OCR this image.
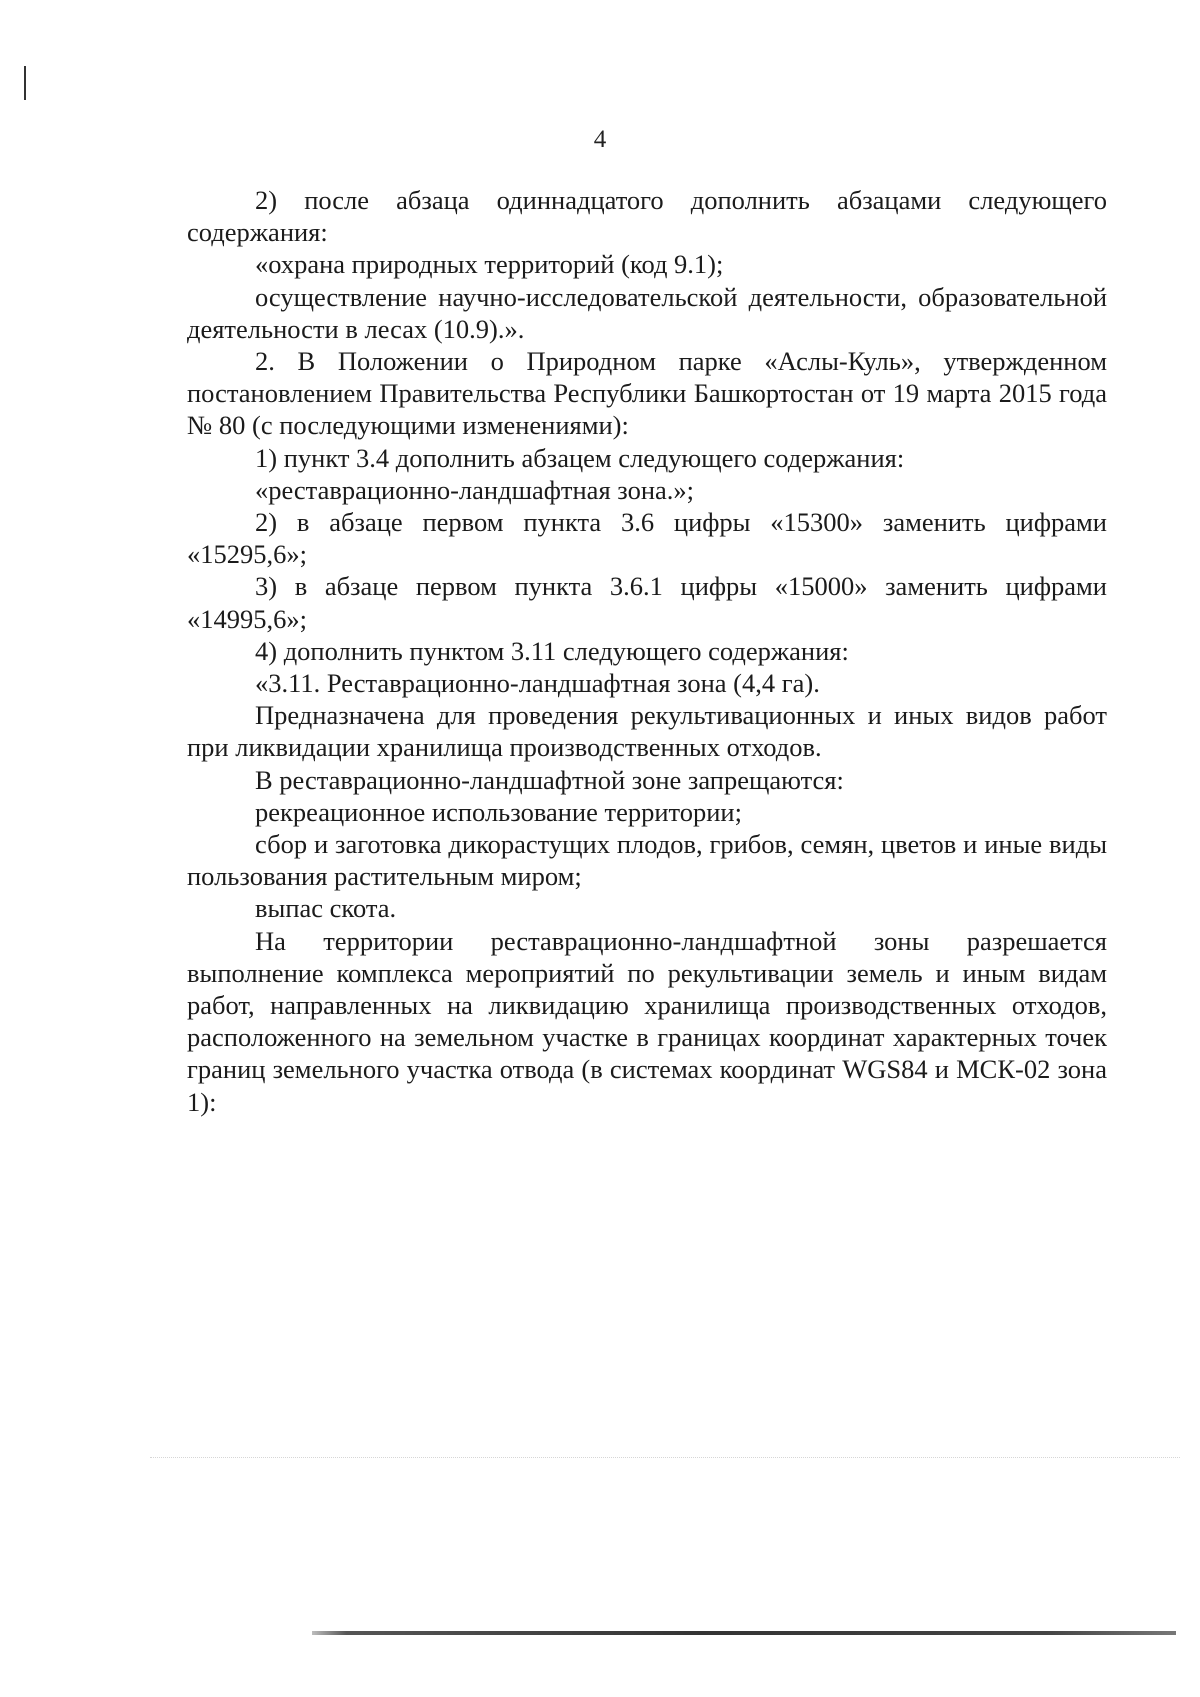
4

2) после абзаца одиннадцатого дополнить абзацами следующего содержания:

«охрана природных территорий (код 9.1);

осуществление научно-исследовательской деятельности, образовательной деятельности в лесах (10.9).».

2. В Положении о Природном парке «Аслы-Куль», утвержденном постановлением Правительства Республики Башкортостан от 19 марта 2015 года № 80 (с последующими изменениями):

1) пункт 3.4 дополнить абзацем следующего содержания:

«реставрационно-ландшафтная зона.»;

2) в абзаце первом пункта 3.6 цифры «15300» заменить цифрами «15295,6»;

3) в абзаце первом пункта 3.6.1 цифры «15000» заменить цифрами «14995,6»;

4) дополнить пунктом 3.11 следующего содержания:

«3.11. Реставрационно-ландшафтная зона (4,4 га).

Предназначена для проведения рекультивационных и иных видов работ при ликвидации хранилища производственных отходов.

В реставрационно-ландшафтной зоне запрещаются:

рекреационное использование территории;

сбор и заготовка дикорастущих плодов, грибов, семян, цветов и иные виды пользования растительным миром;

выпас скота.

На территории реставрационно-ландшафтной зоны разрешается выполнение комплекса мероприятий по рекультивации земель и иным видам работ, направленных на ликвидацию хранилища производственных отходов, расположенного на земельном участке в границах координат характерных точек границ земельного участка отвода (в системах координат WGS84 и МСК-02 зона 1):
